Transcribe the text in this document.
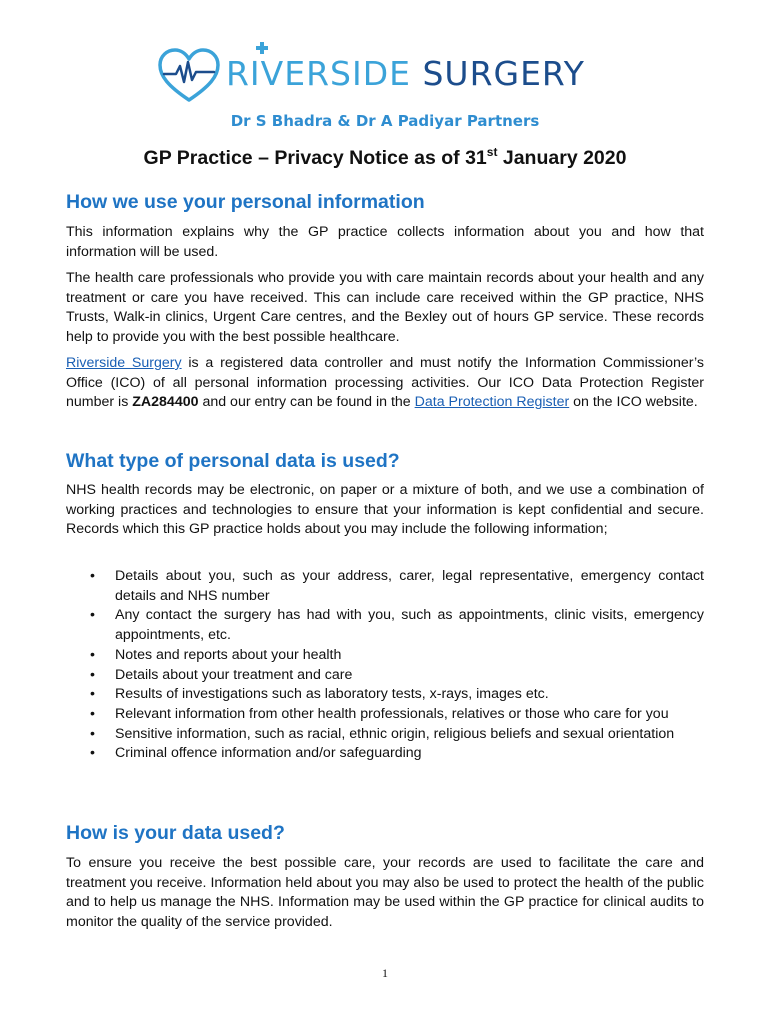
RIVERSIDE SURGERY
Dr S Bhadra & Dr A Padiyar Partners
GP Practice – Privacy Notice as of 31st January 2020
How we use your personal information

This information explains why the GP practice collects information about you and how that information will be used.

The health care professionals who provide you with care maintain records about your health and any treatment or care you have received. This can include care received within the GP practice, NHS Trusts, Walk-in clinics, Urgent Care centres, and the Bexley out of hours GP service. These records help to provide you with the best possible healthcare.

Riverside Surgery is a registered data controller and must notify the Information Commissioner’s Office (ICO) of all personal information processing activities. Our ICO Data Protection Register number is ZA284400 and our entry can be found in the Data Protection Register on the ICO website.

What type of personal data is used?

NHS health records may be electronic, on paper or a mixture of both, and we use a combination of working practices and technologies to ensure that your information is kept confidential and secure. Records which this GP practice holds about you may include the following information;

• Details about you, such as your address, carer, legal representative, emergency contact details and NHS number
• Any contact the surgery has had with you, such as appointments, clinic visits, emergency appointments, etc.
• Notes and reports about your health
• Details about your treatment and care
• Results of investigations such as laboratory tests, x-rays, images etc.
• Relevant information from other health professionals, relatives or those who care for you
• Sensitive information, such as racial, ethnic origin, religious beliefs and sexual orientation
• Criminal offence information and/or safeguarding
How is your data used?

To ensure you receive the best possible care, your records are used to facilitate the care and treatment you receive. Information held about you may also be used to protect the health of the public and to help us manage the NHS. Information may be used within the GP practice for clinical audits to monitor the quality of the service provided.

1
